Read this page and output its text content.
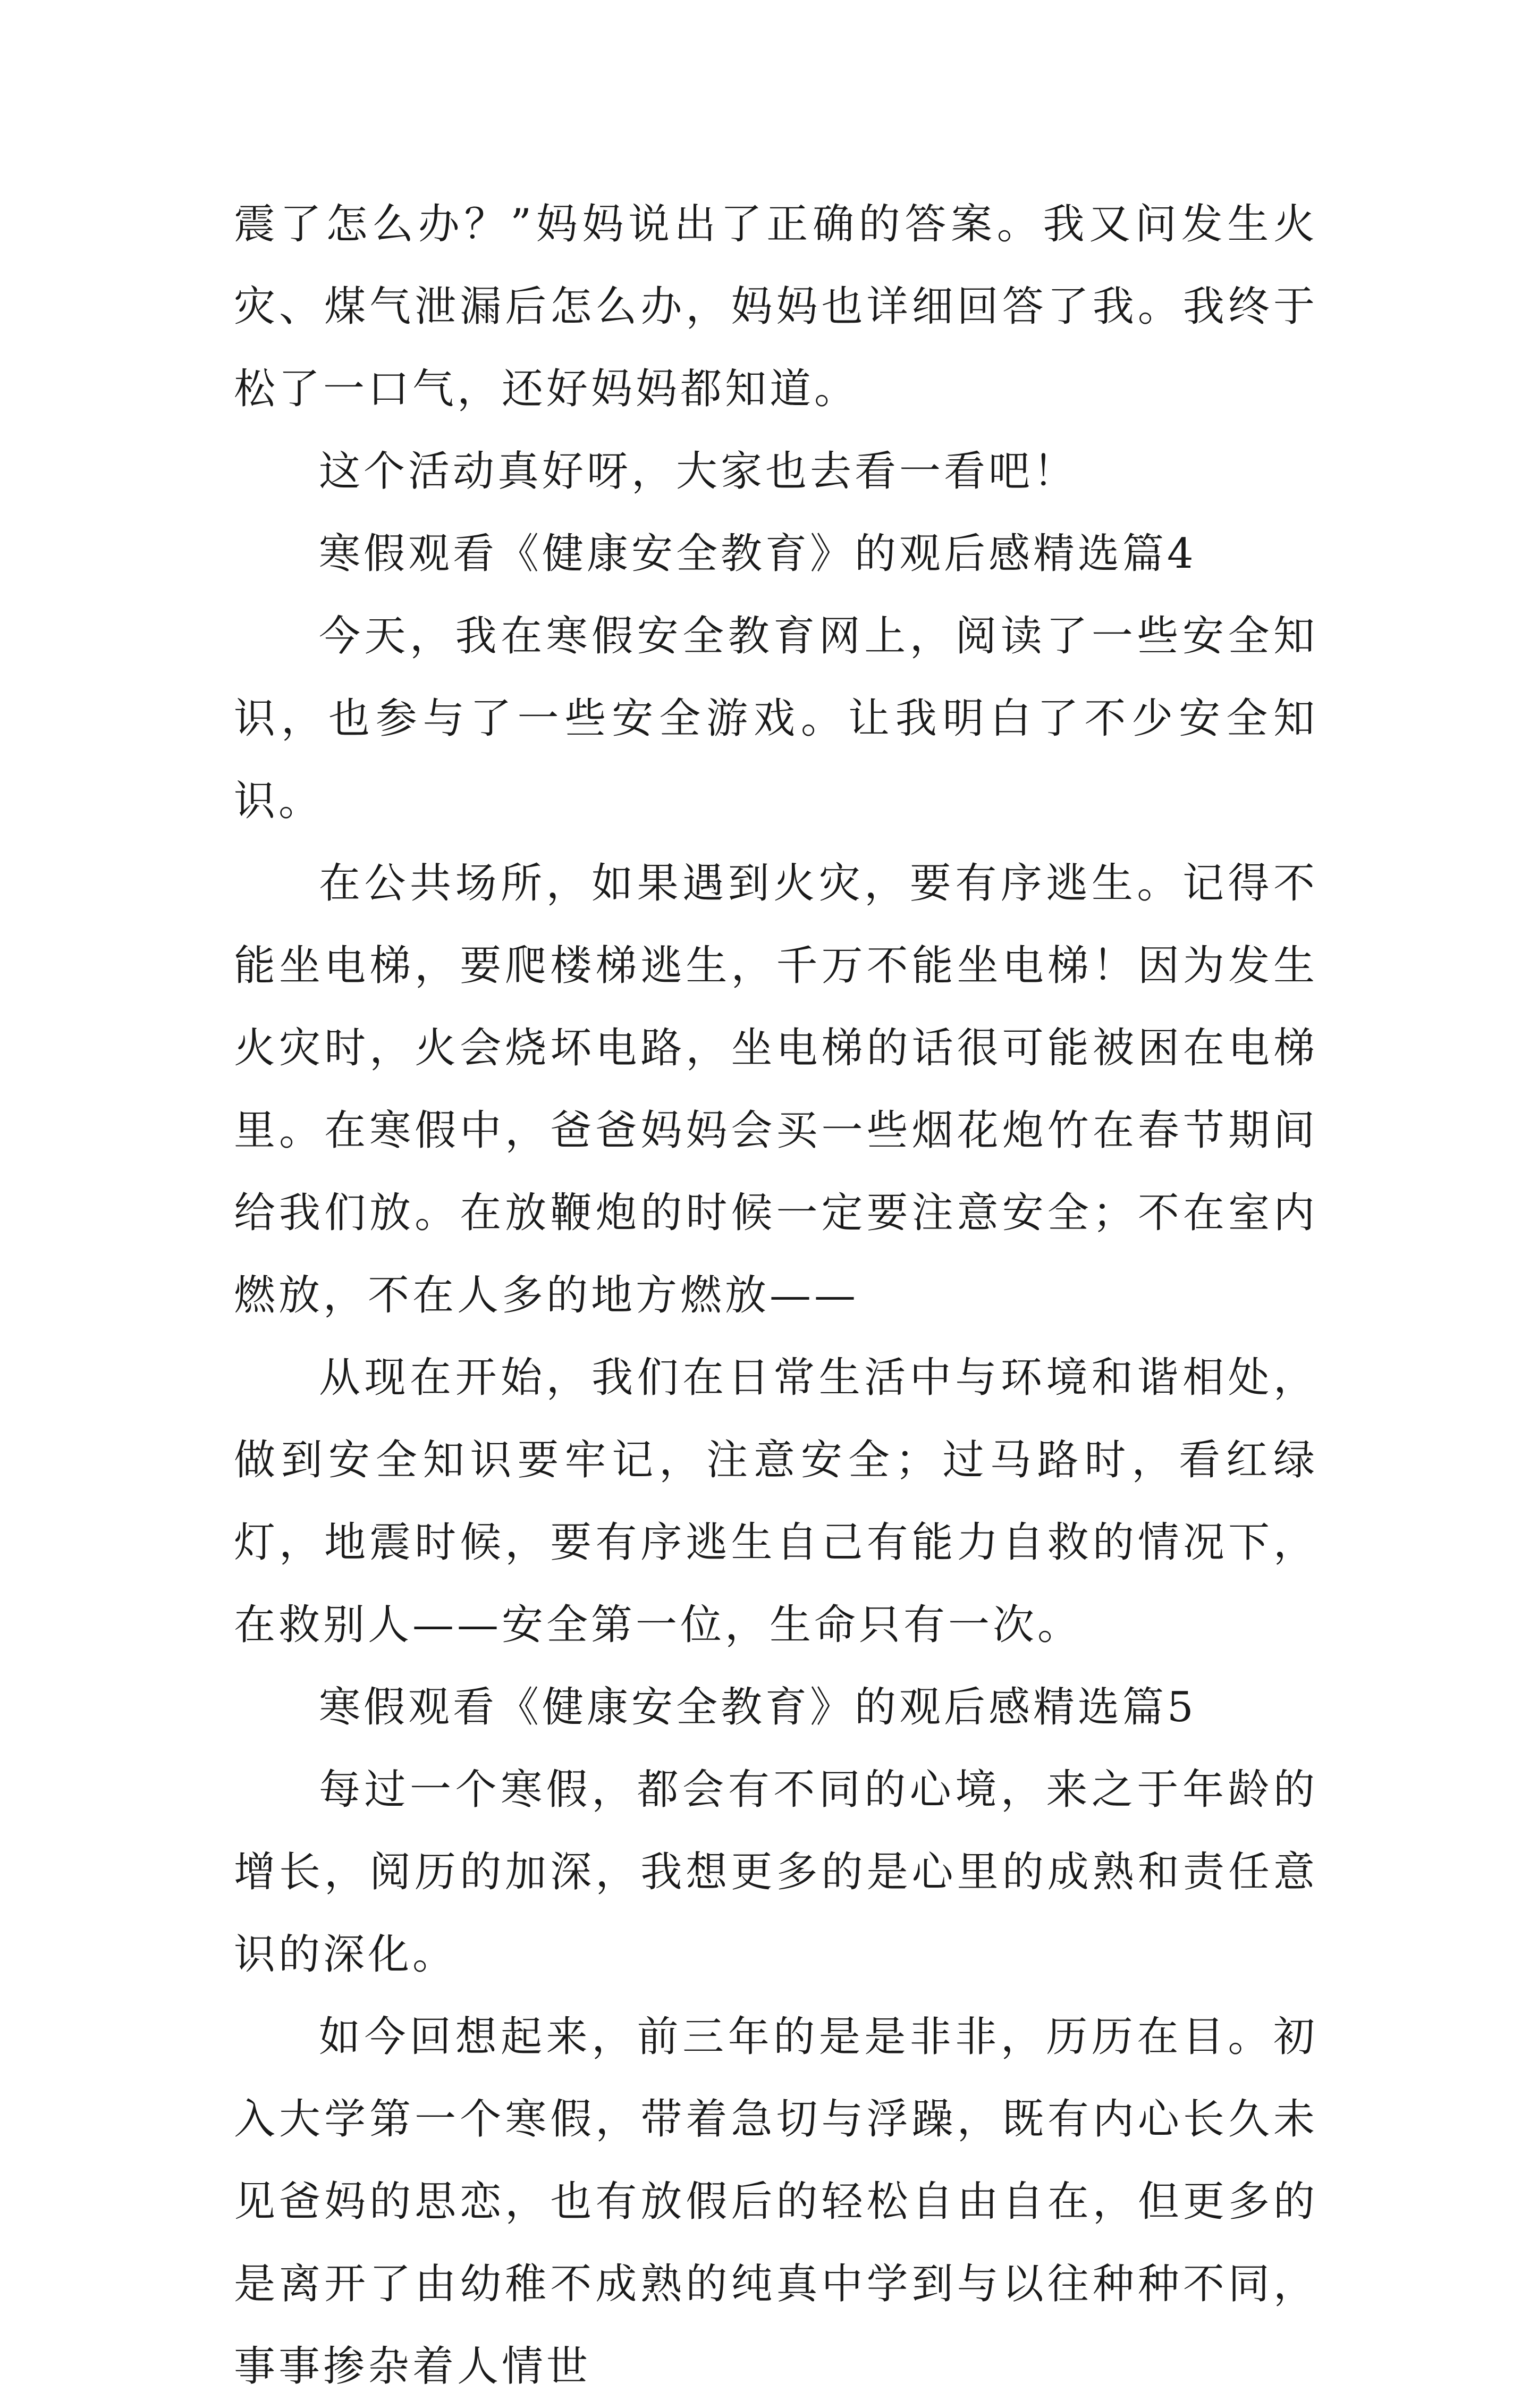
震了怎么办？”妈妈说出了正确的答案。我又问发生火灾、煤气泄漏后怎么办，妈妈也详细回答了我。我终于松了一口气，还好妈妈都知道。

这个活动真好呀，大家也去看一看吧！

寒假观看《健康安全教育》的观后感精选篇4

今天，我在寒假安全教育网上，阅读了一些安全知识，也参与了一些安全游戏。让我明白了不少安全知识。

在公共场所，如果遇到火灾，要有序逃生。记得不能坐电梯，要爬楼梯逃生，千万不能坐电梯！因为发生火灾时，火会烧坏电路，坐电梯的话很可能被困在电梯里。在寒假中，爸爸妈妈会买一些烟花炮竹在春节期间给我们放。在放鞭炮的时候一定要注意安全；不在室内燃放，不在人多的地方燃放——

从现在开始，我们在日常生活中与环境和谐相处，做到安全知识要牢记，注意安全；过马路时，看红绿灯，地震时候，要有序逃生自己有能力自救的情况下，在救别人——安全第一位，生命只有一次。

寒假观看《健康安全教育》的观后感精选篇5

每过一个寒假，都会有不同的心境，来之于年龄的增长，阅历的加深，我想更多的是心里的成熟和责任意识的深化。

如今回想起来，前三年的是是非非，历历在目。初入大学第一个寒假，带着急切与浮躁，既有内心长久未见爸妈的思恋，也有放假后的轻松自由自在，但更多的是离开了由幼稚不成熟的纯真中学到与以往种种不同，事事掺杂着人情世
